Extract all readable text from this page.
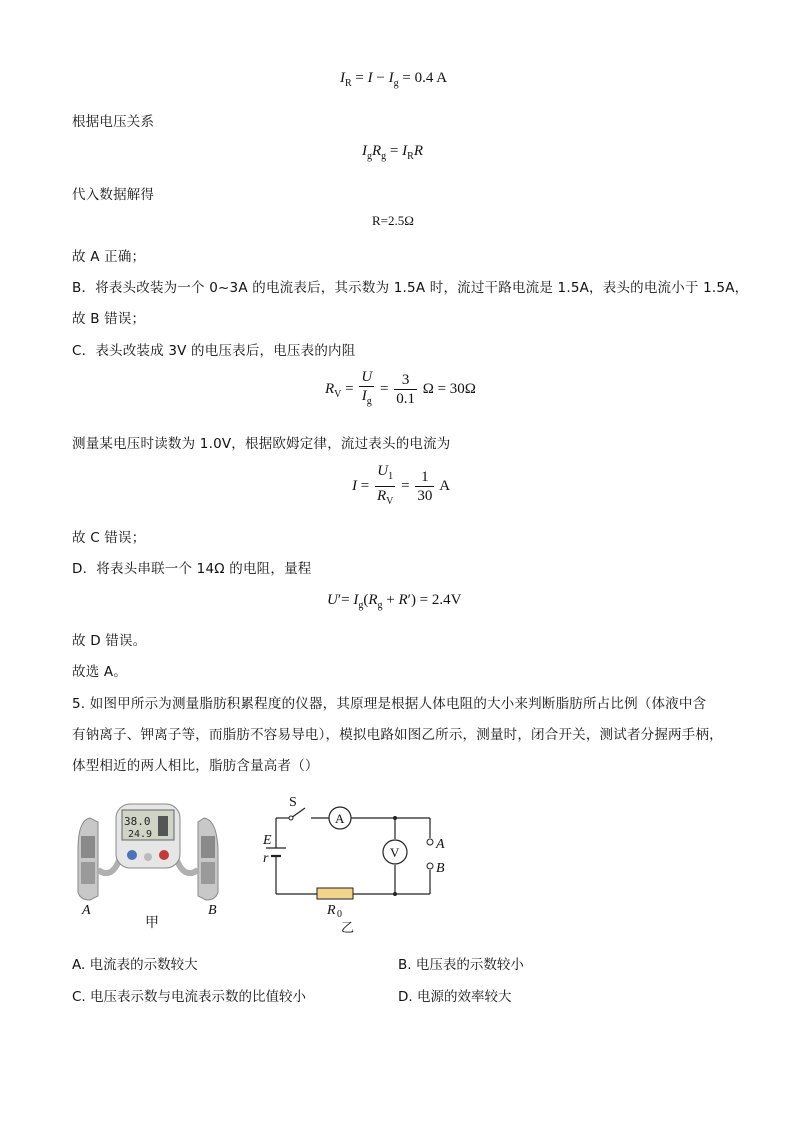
$I_R = I - I_g = 0.4$ A
根据电压关系
$I_gR_g = I_RR$
代入数据解得
R=2.5Ω
故 A 正确；
B．将表头改装为一个 0~3A 的电流表后，其示数为 1.5A 时，流过干路电流是 1.5A，表头的电流小于 1.5A，
故 B 错误；
C．表头改装成 3V 的电压表后，电压表的内阻
$R_V = \frac{U}{I_g} = \frac{3}{0.1}$ Ω = 30Ω
测量某电压时读数为 1.0V，根据欧姆定律，流过表头的电流为
$I = \frac{U_1}{R_V} = \frac{1}{30}$ A
故 C 错误；
D．将表头串联一个 14Ω 的电阻，量程
$U'= I_g(R_g + R') = 2.4V$
故 D 错误。
故选 A。
5. 如图甲所示为测量脂肪积累程度的仪器，其原理是根据人体电阻的大小来判断脂肪所占比例（体液中含
有钠离子、钾离子等，而脂肪不容易导电），模拟电路如图乙所示，测量时，闭合开关，测试者分握两手柄，
体型相近的两人相比，脂肪含量高者（）
38.0
24.9
A	B
甲
S
A
V
E
r
A
B
R 0
乙
A. 电流表的示数较大	B. 电压表的示数较小
C. 电压表示数与电流表示数的比值较小	D. 电源的效率较大
